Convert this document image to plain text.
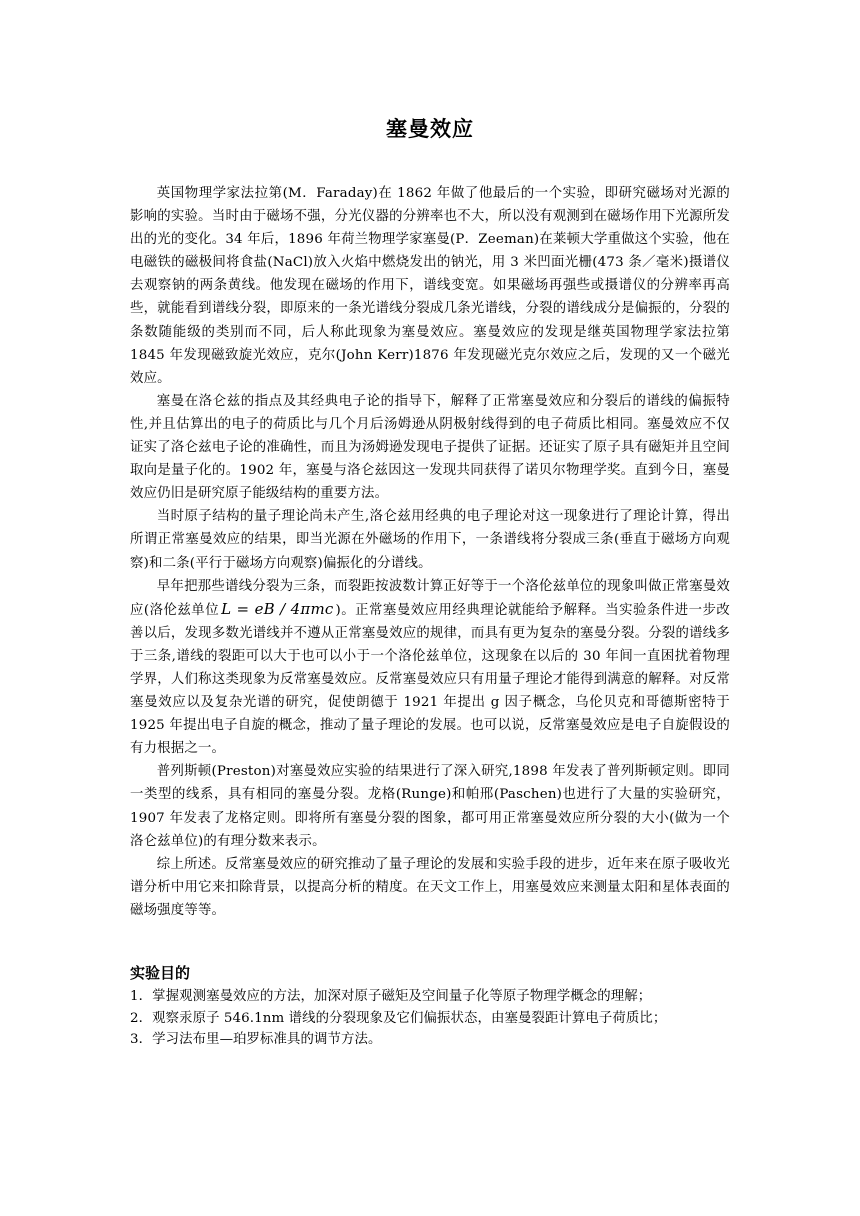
塞曼效应

英国物理学家法拉第(M．Faraday)在 1862 年做了他最后的一个实验，即研究磁场对光源的影响的实验。当时由于磁场不强，分光仪器的分辨率也不大，所以没有观测到在磁场作用下光源所发出的光的变化。34 年后，1896 年荷兰物理学家塞曼(P．Zeeman)在莱顿大学重做这个实验，他在电磁铁的磁极间将食盐(NaCl)放入火焰中燃烧发出的钠光，用 3 米凹面光栅(473 条／毫米)摄谱仪去观察钠的两条黄线。他发现在磁场的作用下，谱线变宽。如果磁场再强些或摄谱仪的分辨率再高些，就能看到谱线分裂，即原来的一条光谱线分裂成几条光谱线，分裂的谱线成分是偏振的，分裂的条数随能级的类别而不同，后人称此现象为塞曼效应。塞曼效应的发现是继英国物理学家法拉第 1845 年发现磁致旋光效应，克尔(John Kerr)1876 年发现磁光克尔效应之后，发现的又一个磁光效应。

塞曼在洛仑兹的指点及其经典电子论的指导下，解释了正常塞曼效应和分裂后的谱线的偏振特性,并且估算出的电子的荷质比与几个月后汤姆逊从阴极射线得到的电子荷质比相同。塞曼效应不仅证实了洛仑兹电子论的准确性，而且为汤姆逊发现电子提供了证据。还证实了原子具有磁矩并且空间取向是量子化的。1902 年，塞曼与洛仑兹因这一发现共同获得了诺贝尔物理学奖。直到今日，塞曼效应仍旧是研究原子能级结构的重要方法。

当时原子结构的量子理论尚未产生,洛仑兹用经典的电子理论对这一现象进行了理论计算，得出所谓正常塞曼效应的结果，即当光源在外磁场的作用下，一条谱线将分裂成三条(垂直于磁场方向观察)和二条(平行于磁场方向观察)偏振化的分谱线。

早年把那些谱线分裂为三条，而裂距按波数计算正好等于一个洛伦兹单位的现象叫做正常塞曼效应(洛伦兹单位 L = eB / 4πmc )。正常塞曼效应用经典理论就能给予解释。当实验条件进一步改善以后，发现多数光谱线并不遵从正常塞曼效应的规律，而具有更为复杂的塞曼分裂。分裂的谱线多于三条,谱线的裂距可以大于也可以小于一个洛伦兹单位，这现象在以后的 30 年间一直困扰着物理学界，人们称这类现象为反常塞曼效应。反常塞曼效应只有用量子理论才能得到满意的解释。对反常塞曼效应以及复杂光谱的研究，促使朗德于 1921 年提出 g 因子概念，乌伦贝克和哥德斯密特于 1925 年提出电子自旋的概念，推动了量子理论的发展。也可以说，反常塞曼效应是电子自旋假设的有力根据之一。

普列斯顿(Preston)对塞曼效应实验的结果进行了深入研究,1898 年发表了普列斯顿定则。即同一类型的线系，具有相同的塞曼分裂。龙格(Runge)和帕邢(Paschen)也进行了大量的实验研究，1907 年发表了龙格定则。即将所有塞曼分裂的图象，都可用正常塞曼效应所分裂的大小(做为一个洛仑兹单位)的有理分数来表示。

综上所述。反常塞曼效应的研究推动了量子理论的发展和实验手段的进步，近年来在原子吸收光谱分析中用它来扣除背景，以提高分析的精度。在天文工作上，用塞曼效应来测量太阳和星体表面的磁场强度等等。

实验目的
1．掌握观测塞曼效应的方法，加深对原子磁矩及空间量子化等原子物理学概念的理解；
2．观察汞原子 546.1nm 谱线的分裂现象及它们偏振状态，由塞曼裂距计算电子荷质比；
3．学习法布里—珀罗标准具的调节方法。
